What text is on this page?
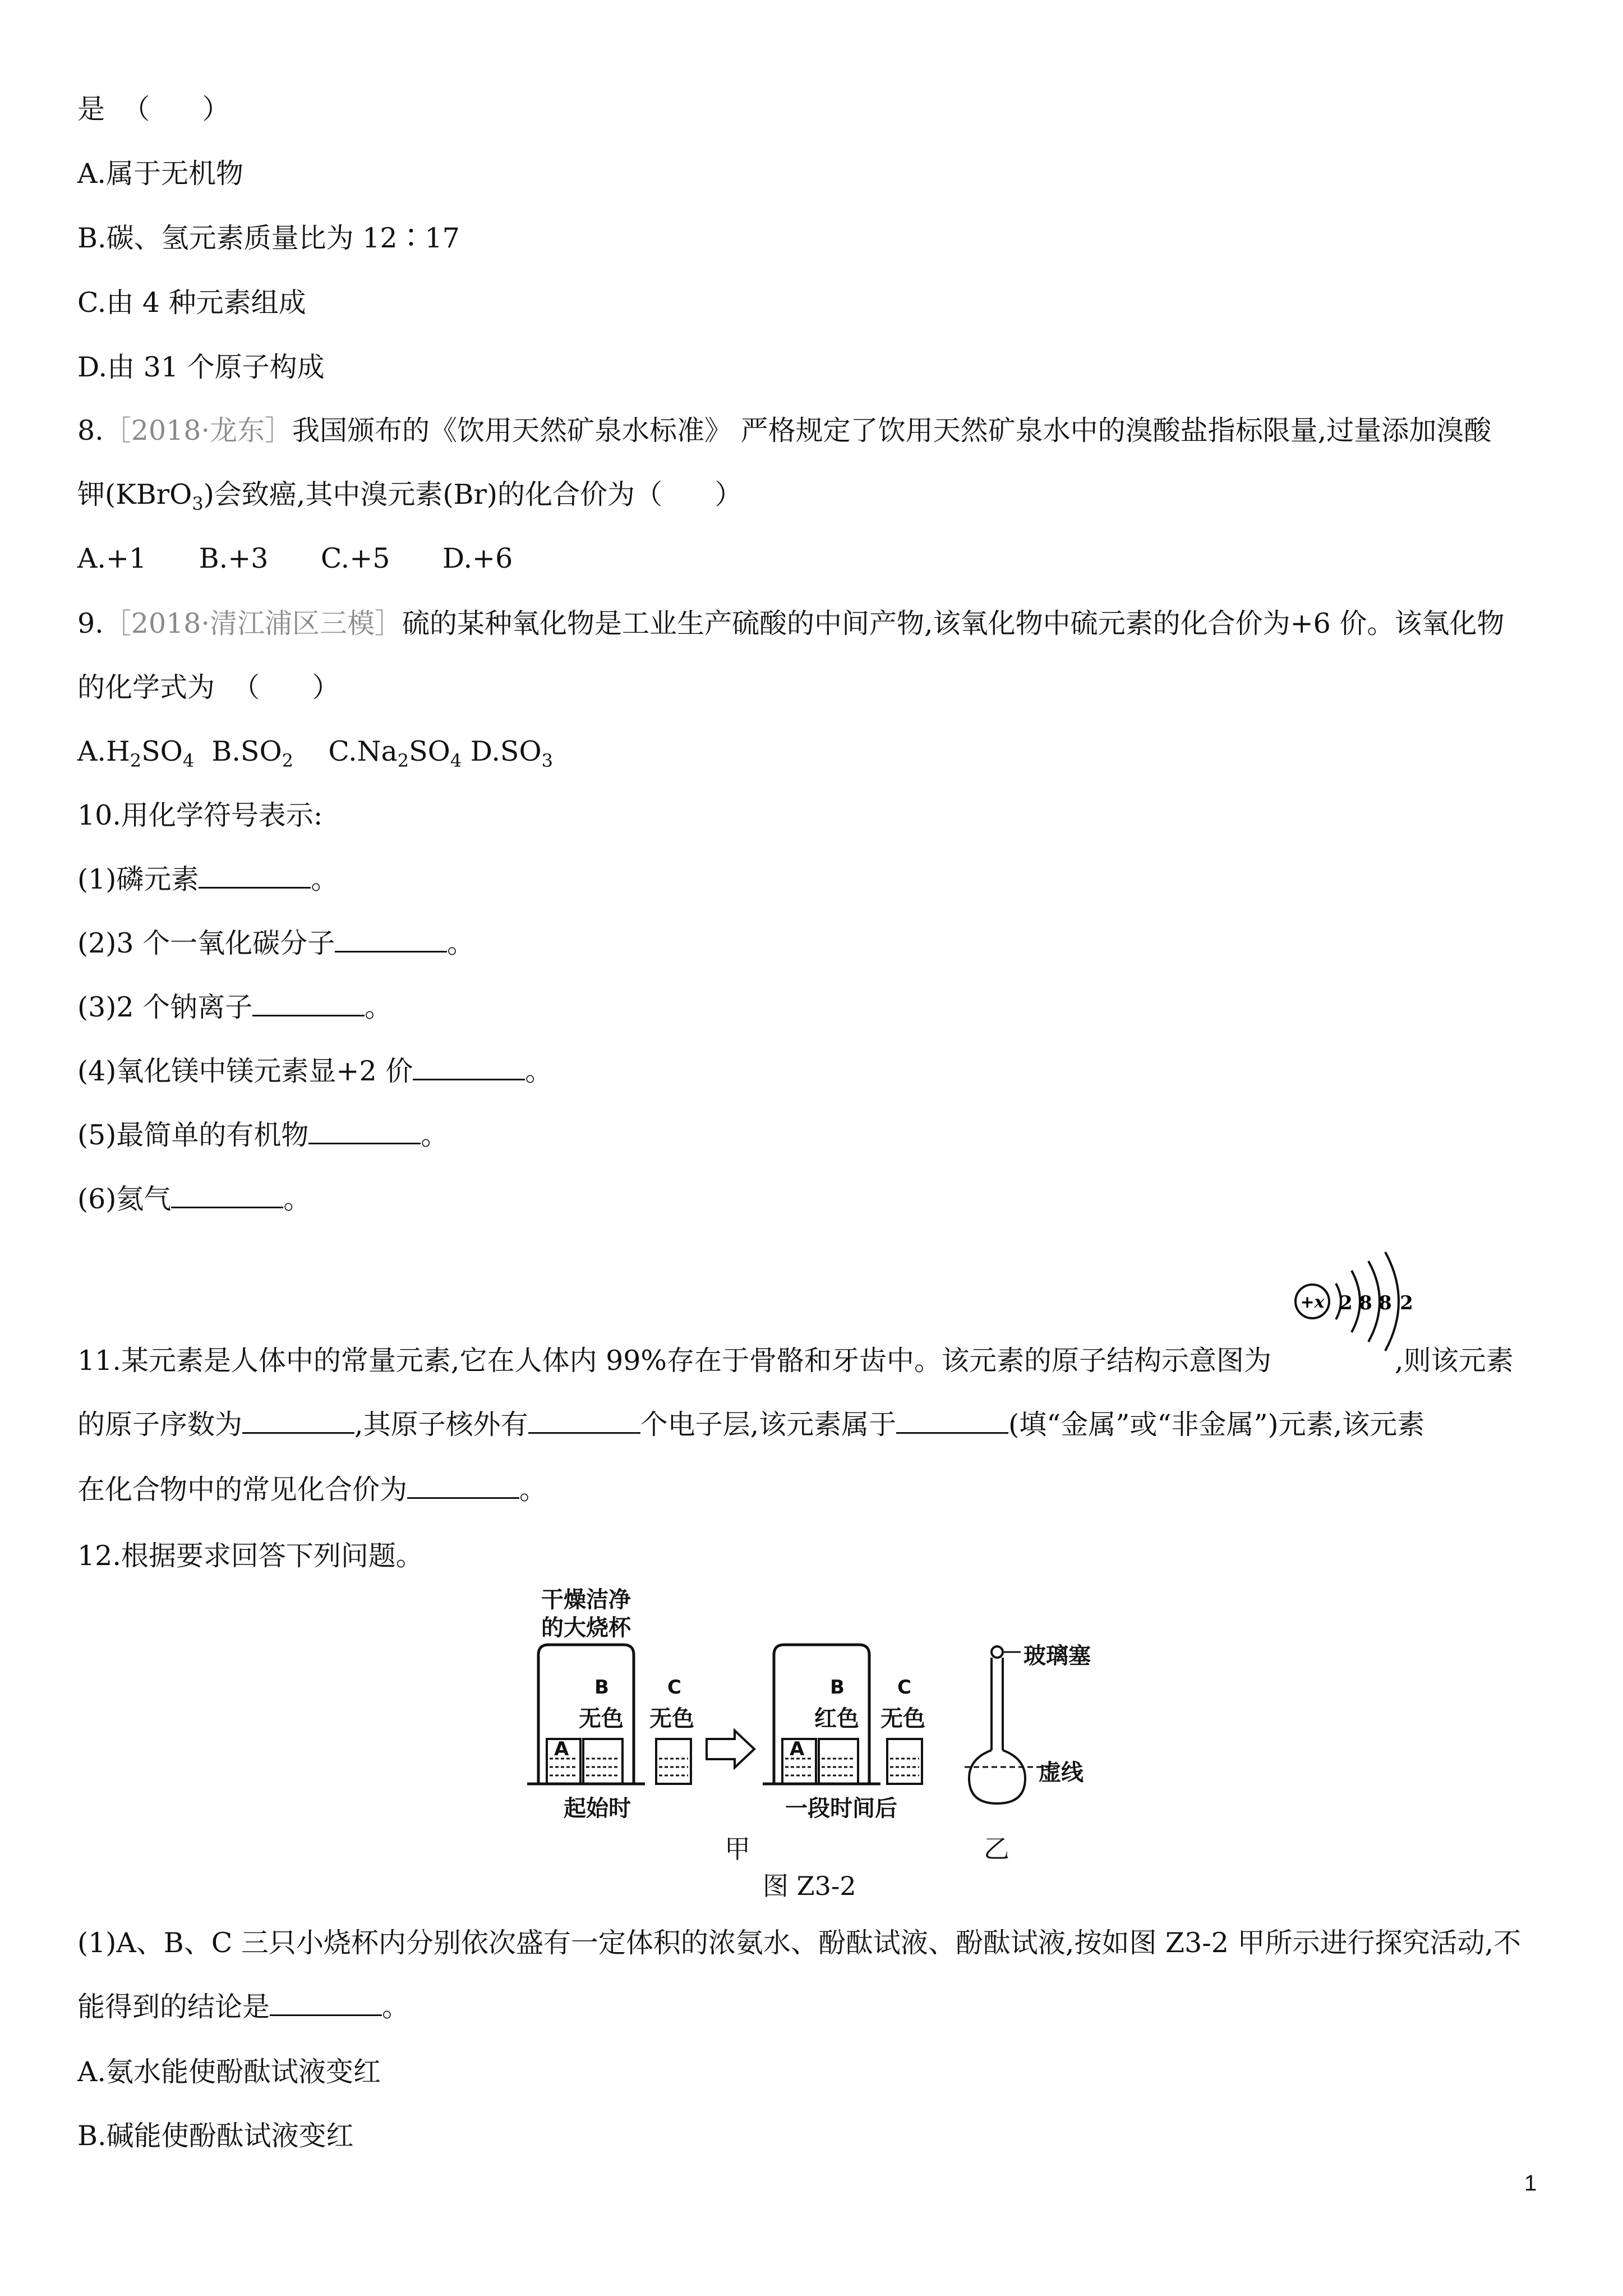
是  （      ）
A.属于无机物
B.碳、氢元素质量比为 12∶17
C.由 4 种元素组成
D.由 31 个原子构成
8.［2018·龙东］我国颁布的《饮用天然矿泉水标准》 严格规定了饮用天然矿泉水中的溴酸盐指标限量,过量添加溴酸
钾(KBrO$_3$)会致癌,其中溴元素(Br)的化合价为（      ）
A.+1      B.+3      C.+5      D.+6
9.［2018·清江浦区三模］硫的某种氧化物是工业生产硫酸的中间产物,该氧化物中硫元素的化合价为+6 价。该氧化物
的化学式为  （      ）
$A.H_2SO_4$ $B.SO_2$ $C.Na_2SO_4$ $D.SO_3$
10.用化学符号表示:
(1)磷元素	。
(2)3 个一氧化碳分子	。
(3)2 个钠离子	。
(4)氧化镁中镁元素显+2 价	。
(5)最简单的有机物	。
(6)氦气	。
11.某元素是人体中的常量元素,它在人体内 99%存在于骨骼和牙齿中。该元素的原子结构示意图为	,则该元素
+x 2 8 8 2
的原子序数为	,其原子核外有	个电子层,该元素属于	(填“金属”或“非金属”)元素,该元素
在化合物中的常见化合价为	。
12.根据要求回答下列问题。
干燥洁净
的大烧杯
A
B
无色
C
无色
起始时
A
B
红色
C
无色
一段时间后
玻璃塞
虚线
甲	乙
图 Z3-2
(1)A、B、C 三只小烧杯内分别依次盛有一定体积的浓氨水、酚酞试液、酚酞试液,按如图 Z3-2 甲所示进行探究活动,不
能得到的结论是	。
A.氨水能使酚酞试液变红
B.碱能使酚酞试液变红
1
